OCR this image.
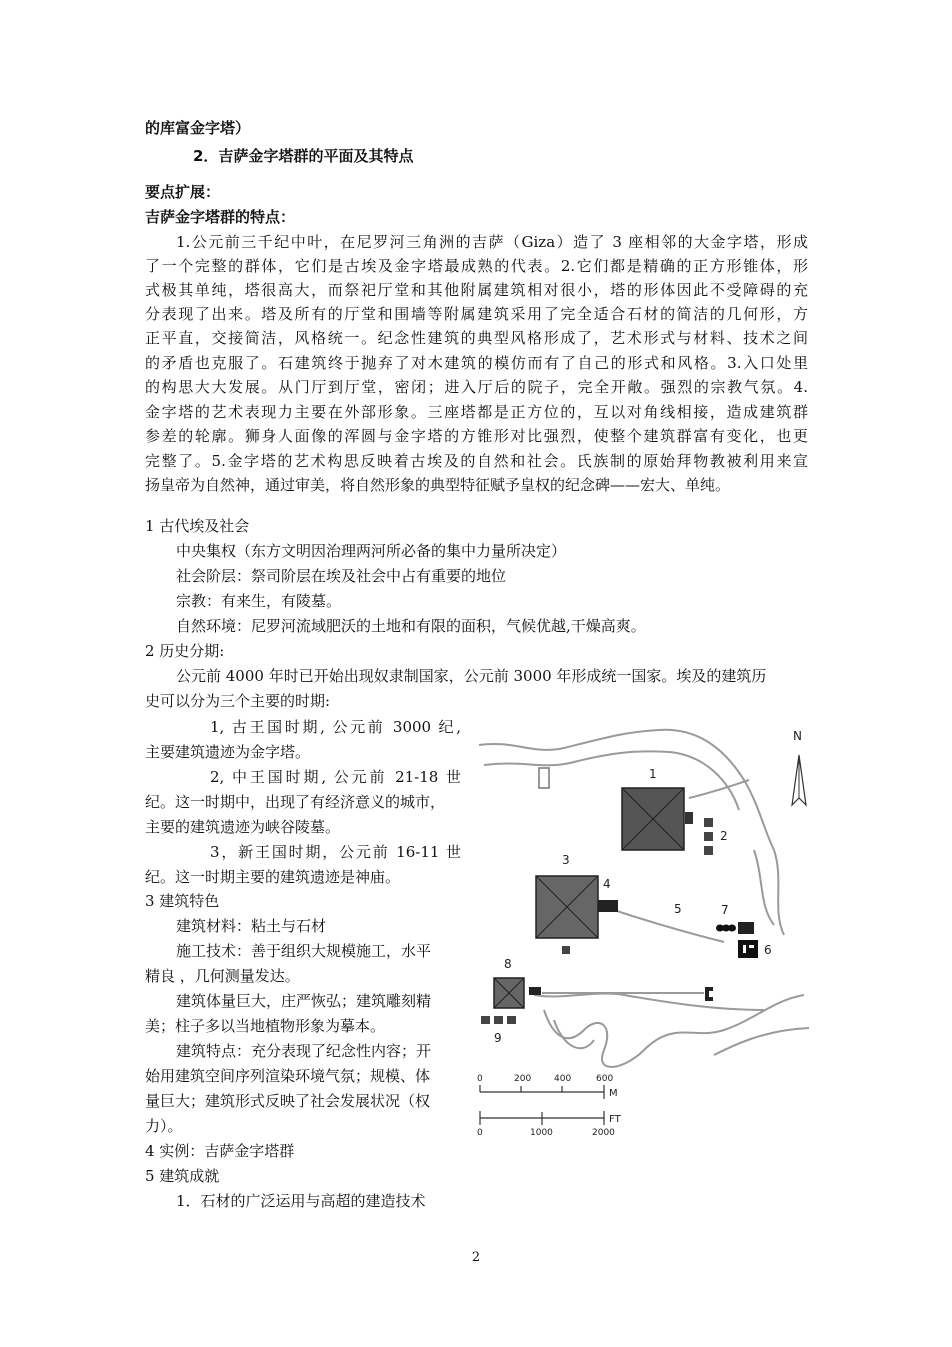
的库富金字塔）
2．吉萨金字塔群的平面及其特点
要点扩展：
吉萨金字塔群的特点：
1.公元前三千纪中叶，在尼罗河三角洲的吉萨（Giza）造了 3 座相邻的大金字塔，形成
了一个完整的群体，它们是古埃及金字塔最成熟的代表。2.它们都是精确的正方形锥体，形
式极其单纯，塔很高大，而祭祀厅堂和其他附属建筑相对很小，塔的形体因此不受障碍的充
分表现了出来。塔及所有的厅堂和围墙等附属建筑采用了完全适合石材的简洁的几何形，方
正平直，交接简洁，风格统一。纪念性建筑的典型风格形成了，艺术形式与材料、技术之间
的矛盾也克服了。石建筑终于抛弃了对木建筑的模仿而有了自己的形式和风格。3.入口处里
的构思大大发展。从门厅到厅堂，密闭；进入厅后的院子，完全开敞。强烈的宗教气氛。4.
金字塔的艺术表现力主要在外部形象。三座塔都是正方位的，互以对角线相接，造成建筑群
参差的轮廓。狮身人面像的浑圆与金字塔的方锥形对比强烈，使整个建筑群富有变化，也更
完整了。5.金字塔的艺术构思反映着古埃及的自然和社会。氏族制的原始拜物教被利用来宣
扬皇帝为自然神，通过审美，将自然形象的典型特征赋予皇权的纪念碑——宏大、单纯。
1 古代埃及社会
中央集权（东方文明因治理两河所必备的集中力量所决定）
社会阶层：祭司阶层在埃及社会中占有重要的地位
宗教：有来生，有陵墓。
自然环境：尼罗河流域肥沃的土地和有限的面积，气候优越,干燥高爽。
2 历史分期:
公元前 4000 年时已开始出现奴隶制国家，公元前 3000 年形成统一国家。埃及的建筑历
史可以分为三个主要的时期:
1, 古王国时期, 公元前 3000 纪,
主要建筑遗迹为金字塔。
2, 中王国时期, 公元前 21-18 世
纪。这一时期中，出现了有经济意义的城市，
主要的建筑遗迹为峡谷陵墓。
3，新王国时期，公元前 16-11 世
纪。这一时期主要的建筑遗迹是神庙。
3 建筑特色
建筑材料：粘土与石材
施工技术：善于组织大规模施工，水平
精良 ，几何测量发达。
建筑体量巨大，庄严恢弘；建筑雕刻精
美；柱子多以当地植物形象为摹本。
建筑特点：充分表现了纪念性内容；开
始用建筑空间序列渲染环境气氛；规模、体
量巨大；建筑形式反映了社会发展状况（权
力）。
4 实例：吉萨金字塔群
5 建筑成就
1．石材的广泛运用与高超的建造技术
N
1
2
3
4
5	7
6
8
9
0	200	400	600
M
0	1000	2000
FT
2
